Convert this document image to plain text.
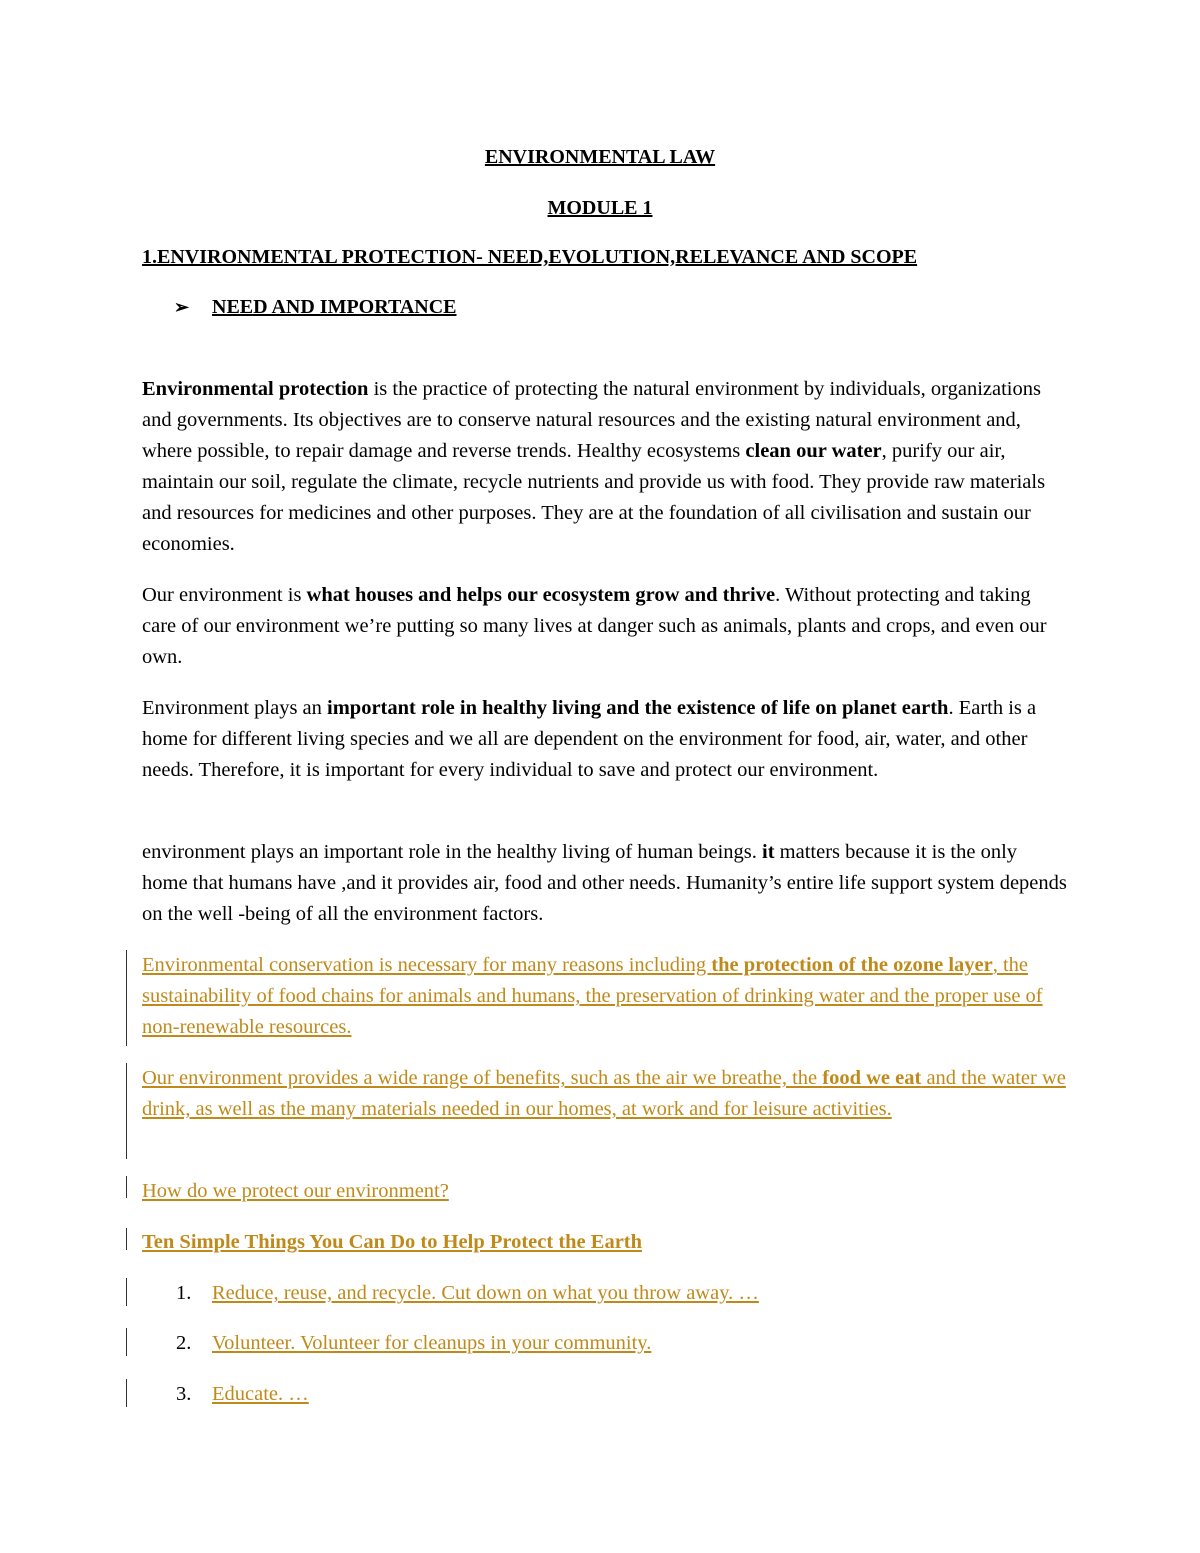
ENVIRONMENTAL LAW
MODULE 1
1.ENVIRONMENTAL PROTECTION- NEED,EVOLUTION,RELEVANCE AND SCOPE
➢ NEED AND IMPORTANCE

Environmental protection is the practice of protecting the natural environment by individuals, organizations and governments. Its objectives are to conserve natural resources and the existing natural environment and, where possible, to repair damage and reverse trends. Healthy ecosystems clean our water, purify our air, maintain our soil, regulate the climate, recycle nutrients and provide us with food. They provide raw materials and resources for medicines and other purposes. They are at the foundation of all civilisation and sustain our economies.

Our environment is what houses and helps our ecosystem grow and thrive. Without protecting and taking care of our environment we’re putting so many lives at danger such as animals, plants and crops, and even our own.

Environment plays an important role in healthy living and the existence of life on planet earth. Earth is a home for different living species and we all are dependent on the environment for food, air, water, and other needs. Therefore, it is important for every individual to save and protect our environment.

environment plays an important role in the healthy living of human beings. it matters because it is the only home that humans have ,and it provides air, food and other needs. Humanity’s entire life support system depends on the well -being of all the environment factors.

Environmental conservation is necessary for many reasons including the protection of the ozone layer, the sustainability of food chains for animals and humans, the preservation of drinking water and the proper use of non-renewable resources.

Our environment provides a wide range of benefits, such as the air we breathe, the food we eat and the water we drink, as well as the many materials needed in our homes, at work and for leisure activities.

How do we protect our environment?

Ten Simple Things You Can Do to Help Protect the Earth

1. Reduce, reuse, and recycle. Cut down on what you throw away. …
2. Volunteer. Volunteer for cleanups in your community.
3. Educate. …
